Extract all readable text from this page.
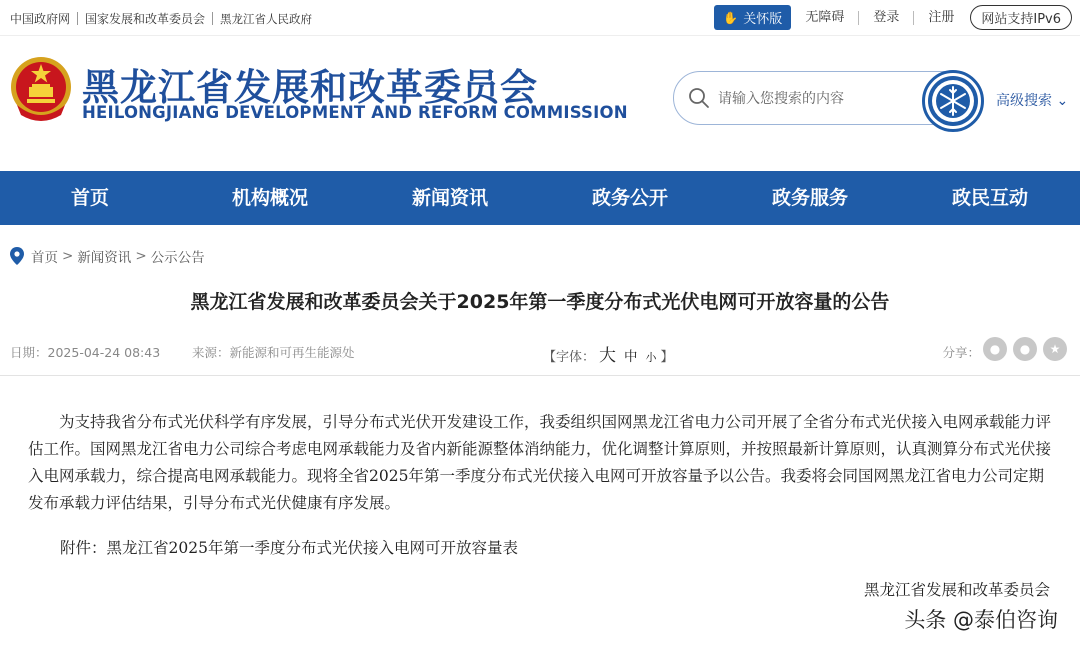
中国政府网 国家发展和改革委员会 黑龙江省人民政府	✋ 关怀版	无障碍	登录	注册	网站支持IPv6
黑龙江省发展和改革委员会
HEILONGJIANG DEVELOPMENT AND REFORM COMMISSION
请输入您搜索的内容
高级搜索 ⌄
首页	机构概况	新闻资讯	政务公开	政务服务	政民互动
首页 > 新闻资讯 > 公示公告
黑龙江省发展和改革委员会关于2025年第一季度分布式光伏电网可开放容量的公告
日期：2025-04-24 08:43	来源：新能源和可再生能源处	【字体： 大 中 小 】	分享： ●	●	★

为支持我省分布式光伏科学有序发展，引导分布式光伏开发建设工作，我委组织国网黑龙江省电力公司开展了全省分布式光伏接入电网承载能力评估工作。国网黑龙江省电力公司综合考虑电网承载能力及省内新能源整体消纳能力，优化调整计算原则，并按照最新计算原则，认真测算分布式光伏接入电网承载力，综合提高电网承载能力。现将全省2025年第一季度分布式光伏接入电网可开放容量予以公告。我委将会同国网黑龙江省电力公司定期发布承载力评估结果，引导分布式光伏健康有序发展。

附件：黑龙江省2025年第一季度分布式光伏接入电网可开放容量表
黑龙江省发展和改革委员会
头条 @泰伯咨询
